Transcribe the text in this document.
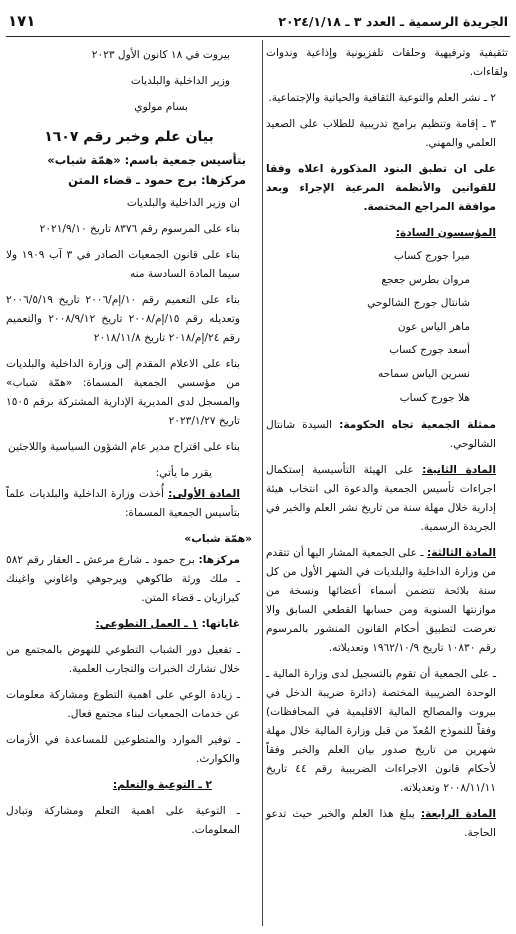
الجريدة الرسمية ـ العدد ٣ ـ ٢٠٢٤/١/١٨
١٧١

تثقيفية وترفيهية وحلقات تلفزيونية وإذاعية وندوات ولقاءات.

٢ ـ نشر العلم والتوعية الثقافية والحياتية والإجتماعية.

٣ ـ إقامة وتنظيم برامج تدريبية للطلاب على الصعيد العلمي والمهني.

على ان تطبق البنود المذكورة اعلاه وفقا للقوانين والأنظمة المرعية الإجراء وبعد موافقة المراجع المختصة.

المؤسسون السادة:

ميرا جورج كساب
مروان بطرس جعجع
شانتال جورج الشالوحي
ماهر الياس عون
أسعد جورج كساب
نسرين الياس سماحه
هلا جورج كساب

ممثلة الجمعية تجاه الحكومة: السيدة شانتال الشالوحي.

المادة الثانية: على الهيئة التأسيسية إستكمال اجراءات تأسيس الجمعية والدعوة الى انتخاب هيئة إدارية خلال مهلة سنة من تاريخ نشر العلم والخبر في الجريدة الرسمية.

المادة الثالثة: ـ على الجمعية المشار اليها أن تتقدم من وزارة الداخلية والبلديات في الشهر الأول من كل سنة بلائحة تتضمن أسماء أعضائها ونسخة من موازنتها السنوية ومن حسابها القطعي السابق والا تعرضت لتطبيق أحكام القانون المنشور بالمرسوم رقم ١٠٨٣٠ تاريخ ١٩٦٢/١٠/٩ وتعديلاته.

ـ على الجمعية أن تقوم بالتسجيل لدى وزارة المالية ـ الوحدة الضريبية المختصة (دائرة ضريبة الدخل في بيروت والمصالح المالية الاقليمية في المحافظات) وفقاً للنموذج المُعدّ من قبل وزارة المالية خلال مهلة شهرين من تاريخ صدور بيان العلم والخبر وفقاً لأحكام قانون الاجراءات الضريبية رقم ٤٤ تاريخ ٢٠٠٨/١١/١١ وتعديلاته.

المادة الرابعة: يبلغ هذا العلم والخبر حيث تدعو الحاجة.

بيروت في ١٨ كانون الأول ٢٠٢٣
وزير الداخلية والبلديات
بسام مولوي
بيان علم وخبر رقم ١٦٠٧
بتأسيس جمعية باسم: «همّة شباب»
مركزها: برج حمود ـ قضاء المتن

ان وزير الداخلية والبلديات

بناء على المرسوم رقم ٨٣٧٦ تاريخ ٢٠٢١/٩/١٠

بناء على قانون الجمعيات الصادر في ٣ آب ١٩٠٩ ولا سيما المادة السادسة منه

بناء على التعميم رقم ١٠/إم/٢٠٠٦ تاريخ ٢٠٠٦/٥/١٩ وتعديله رقم ١٥/إم/٢٠٠٨ تاريخ ٢٠٠٨/٩/١٢ والتعميم رقم ٢٤/إم/٢٠١٨ تاريخ ٢٠١٨/١١/٨

بناء على الاعلام المقدم إلى وزارة الداخلية والبلديات من مؤسسي الجمعية المسماة: «همّة شباب» والمسجل لدى المديرية الإدارية المشتركة برقم ١٥٠٥ تاريخ ٢٠٢٣/١/٢٧

بناء على اقتراح مدير عام الشؤون السياسية واللاجئين

يقرر ما يأتي:

المادة الأولى: أُخذت وزارة الداخلية والبلديات علماً بتأسيس الجمعية المسماة:

«همّة شباب»

مركزها: برج حمود ـ شارع مرعش ـ العقار رقم ٥٨٢ ـ ملك ورثة طاكوهي ويرجوهي واغاوني واغينك كيرازيان ـ قضاء المتن.

غاياتها: ١ ـ العمل التطوعي:

ـ تفعيل دور الشباب التطوعي للنهوض بالمجتمع من خلال تشارك الخبرات والتجارب العلمية.

ـ زيادة الوعي على اهمية التطوع ومشاركة معلومات عن خدمات الجمعيات لبناء مجتمع فعال.

ـ توفير الموارد والمتطوعين للمساعدة في الأزمات والكوارث.

٢ ـ التوعية والتعلم:

ـ التوعية على اهمية التعلم ومشاركة وتبادل المعلومات.
